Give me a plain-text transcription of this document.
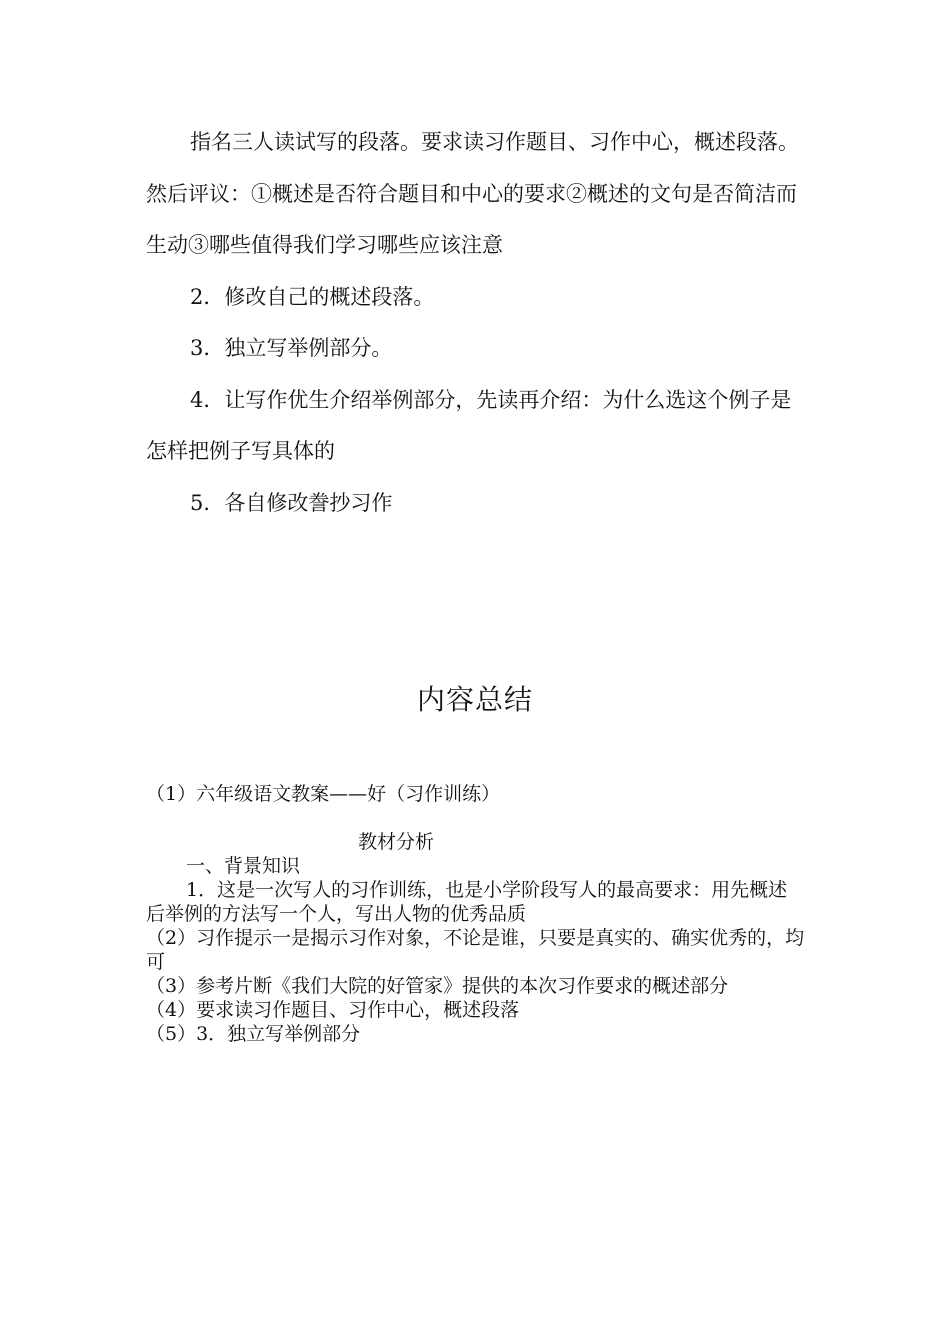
指名三人读试写的段落。要求读习作题目、习作中心，概述段落。然后评议：①概述是否符合题目和中心的要求②概述的文句是否简洁而生动③哪些值得我们学习哪些应该注意

2．修改自己的概述段落。

3．独立写举例部分。

4．让写作优生介绍举例部分，先读再介绍：为什么选这个例子是怎样把例子写具体的

5．各自修改誊抄习作

内容总结

（1）六年级语文教案——好（习作训练）

教材分析

一、背景知识

1．这是一次写人的习作训练，也是小学阶段写人的最高要求：用先概述后举例的方法写一个人，写出人物的优秀品质

（2）习作提示一是揭示习作对象，不论是谁，只要是真实的、确实优秀的，均可

（3）参考片断《我们大院的好管家》提供的本次习作要求的概述部分

（4）要求读习作题目、习作中心，概述段落

（5）3．独立写举例部分
